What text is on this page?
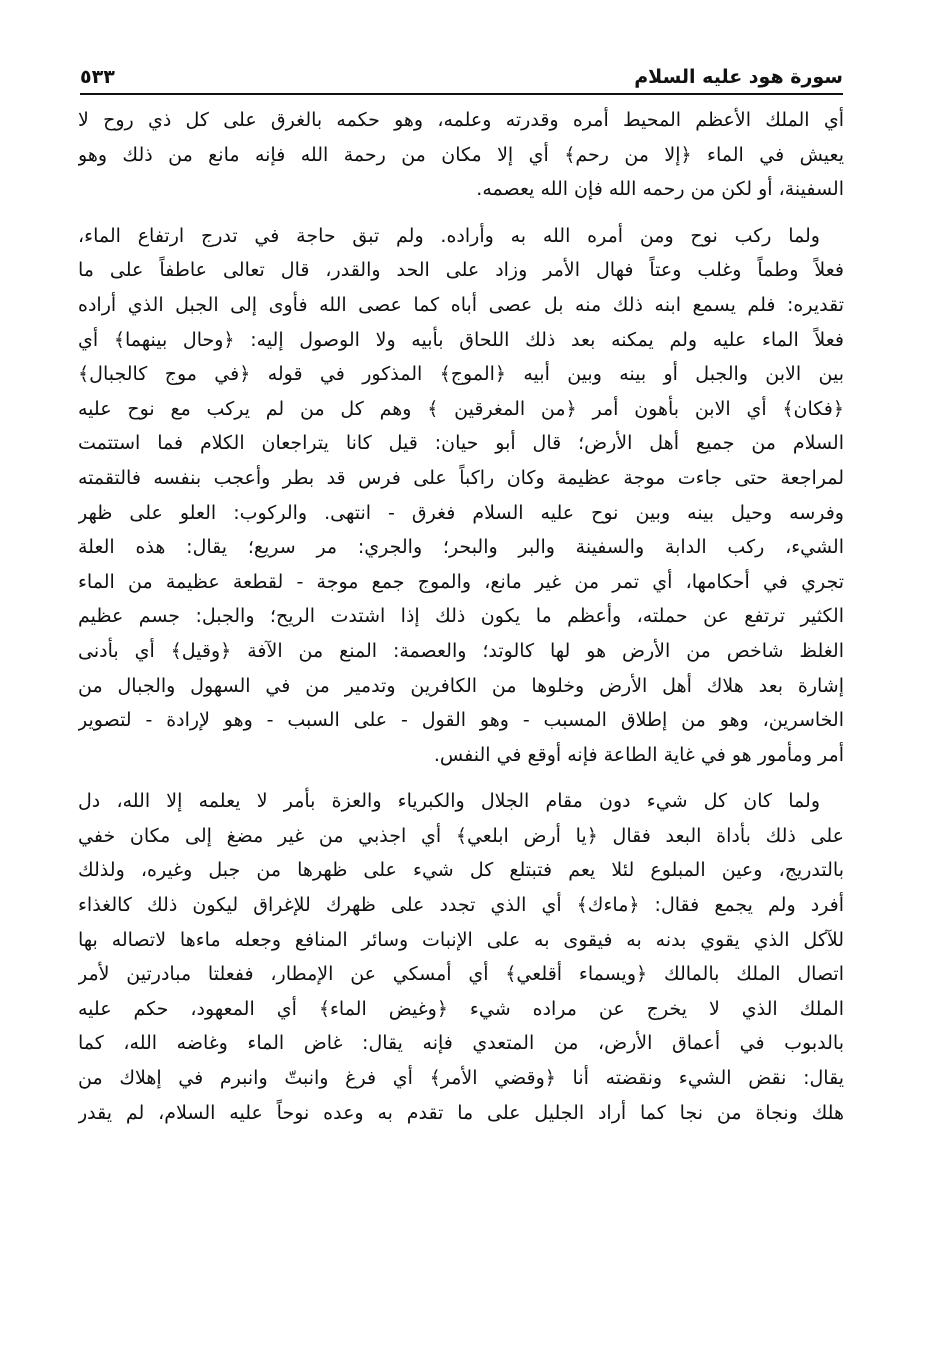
سورة هود عليه السلام
٥٣٣

أي الملك الأعظم المحيط أمره وقدرته وعلمه، وهو حكمه بالغرق على كل ذي روح لا
يعيش في الماء ﴿إلا من رحم﴾ أي إلا مكان من رحمة الله فإنه مانع من ذلك وهو
السفينة، أو لكن من رحمه الله فإن الله يعصمه.

ولما ركب نوح ومن أمره الله به وأراده. ولم تبق حاجة في تدرج ارتفاع الماء،
فعلاً وطماً وغلب وعتاً فهال الأمر وزاد على الحد والقدر، قال تعالى عاطفاً على ما
تقديره: فلم يسمع ابنه ذلك منه بل عصى أباه كما عصى الله فأوى إلى الجبل الذي أراده
فعلاً الماء عليه ولم يمكنه بعد ذلك اللحاق بأبيه ولا الوصول إليه: ﴿وحال بينهما﴾ أي
بين الابن والجبل أو بينه وبين أبيه ﴿الموج﴾ المذكور في قوله ﴿في موج كالجبال﴾
﴿فكان﴾ أي الابن بأهون أمر ﴿من المغرقين ﴾ وهم كل من لم يركب مع نوح عليه
السلام من جميع أهل الأرض؛ قال أبو حيان: قيل كانا يتراجعان الكلام فما استتمت
لمراجعة حتى جاءت موجة عظيمة وكان راكباً على فرس قد بطر وأعجب بنفسه فالتقمته
وفرسه وحيل بينه وبين نوح عليه السلام فغرق - انتهى. والركوب: العلو على ظهر
الشيء، ركب الدابة والسفينة والبر والبحر؛ والجري: مر سريع؛ يقال: هذه العلة
تجري في أحكامها، أي تمر من غير مانع، والموج جمع موجة - لقطعة عظيمة من الماء
الكثير ترتفع عن حملته، وأعظم ما يكون ذلك إذا اشتدت الريح؛ والجبل: جسم عظيم
الغلظ شاخص من الأرض هو لها كالوتد؛ والعصمة: المنع من الآفة ﴿وقيل﴾ أي بأدنى
إشارة بعد هلاك أهل الأرض وخلوها من الكافرين وتدمير من في السهول والجبال من
الخاسرين، وهو من إطلاق المسبب - وهو القول - على السبب - وهو لإرادة - لتصوير
أمر ومأمور هو في غاية الطاعة فإنه أوقع في النفس.

ولما كان كل شيء دون مقام الجلال والكبرياء والعزة بأمر لا يعلمه إلا الله، دل
على ذلك بأداة البعد فقال ﴿يا أرض ابلعي﴾ أي اجذبي من غير مضغ إلى مكان خفي
بالتدريج، وعين المبلوع لئلا يعم فتبتلع كل شيء على ظهرها من جبل وغيره، ولذلك
أفرد ولم يجمع فقال: ﴿ماءك﴾ أي الذي تجدد على ظهرك للإغراق ليكون ذلك كالغذاء
للآكل الذي يقوي بدنه به فيقوى به على الإنبات وسائر المنافع وجعله ماءها لاتصاله بها
اتصال الملك بالمالك ﴿ويسماء أقلعي﴾ أي أمسكي عن الإمطار، ففعلتا مبادرتين لأمر
الملك الذي لا يخرج عن مراده شيء ﴿وغيض الماء﴾ أي المعهود، حكم عليه
بالدبوب في أعماق الأرض، من المتعدي فإنه يقال: غاض الماء وغاضه الله، كما
يقال: نقض الشيء ونقضته أنا ﴿وقضي الأمر﴾ أي فرغ وانبتّ وانبرم في إهلاك من
هلك ونجاة من نجا كما أراد الجليل على ما تقدم به وعده نوحاً عليه السلام، لم يقدر
